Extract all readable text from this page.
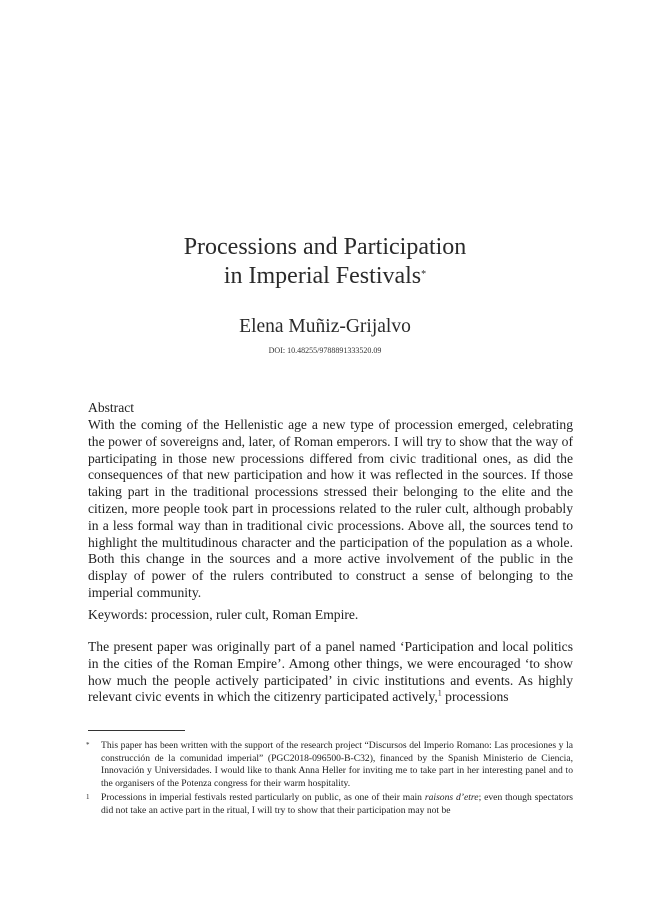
Processions and Participation
in Imperial Festivals*
Elena Muñiz-Grijalvo
DOI: 10.48255/9788891333520.09
Abstract
With the coming of the Hellenistic age a new type of procession emerged, celebrating the power of sovereigns and, later, of Roman emperors. I will try to show that the way of participating in those new processions differed from civic traditional ones, as did the consequences of that new participation and how it was reflected in the sources. If those taking part in the traditional processions stressed their belonging to the elite and the citizen, more people took part in processions related to the ruler cult, although probably in a less formal way than in traditional civic processions. Above all, the sources tend to highlight the multitudinous character and the participation of the population as a whole. Both this change in the sources and a more active involvement of the public in the display of power of the rulers contributed to construct a sense of belonging to the imperial community.
Keywords: procession, ruler cult, Roman Empire.
The present paper was originally part of a panel named ‘Participation and local politics in the cities of the Roman Empire’. Among other things, we were encouraged ‘to show how much the people actively participated’ in civic institutions and events. As highly relevant civic events in which the citizenry participated actively,$^1$ processions
*	This paper has been written with the support of the research project “Discursos del Imperio Romano: Las procesiones y la construcción de la comunidad imperial” (PGC2018-096500-B-C32), financed by the Spanish Ministerio de Ciencia, Innovación y Universidades. I would like to thank Anna Heller for inviting me to take part in her interesting panel and to the organisers of the Potenza congress for their warm hospitality.
1	Processions in imperial festivals rested particularly on public, as one of their main raisons d’etre; even though spectators did not take an active part in the ritual, I will try to show that their participation may not be
